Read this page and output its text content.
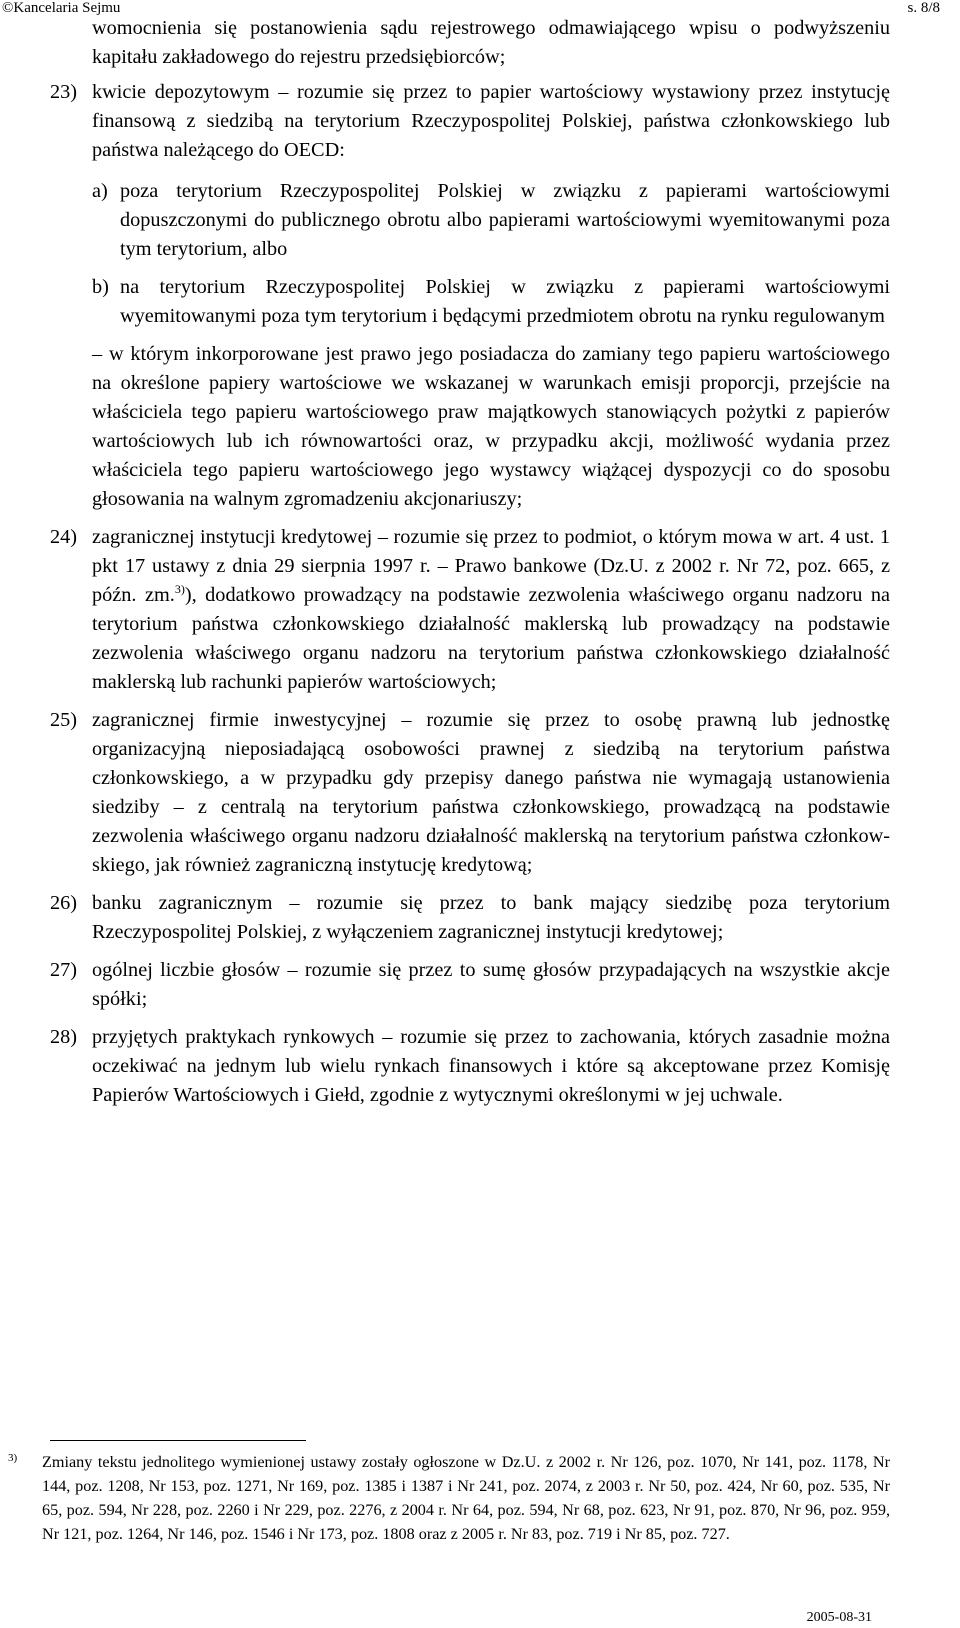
©Kancelaria Sejmu	s. 8/8

womocnienia się postanowienia sądu rejestrowego odmawiającego wpisu o podwyższeniu kapitału zakładowego do rejestru przedsiębiorców;

23) kwicie depozytowym – rozumie się przez to papier wartościowy wystawiony przez instytucję finansową z siedzibą na terytorium Rzeczypospolitej Polskiej, państwa członkowskiego lub państwa należącego do OECD:
a) poza terytorium Rzeczypospolitej Polskiej w związku z papierami wartościowymi dopuszczonymi do publicznego obrotu albo papierami wartościowymi wyemitowanymi poza tym terytorium, albo
b) na terytorium Rzeczypospolitej Polskiej w związku z papierami wartościowymi wyemitowanymi poza tym terytorium i będącymi przedmiotem obrotu na rynku regulowanym

– w którym inkorporowane jest prawo jego posiadacza do zamiany tego papieru wartościowego na określone papiery wartościowe we wskazanej w warunkach emisji proporcji, przejście na właściciela tego papieru wartościowego praw majątkowych stanowiących pożytki z papierów wartościowych lub ich równowartości oraz, w przypadku akcji, możliwość wydania przez właściciela tego papieru wartościowego jego wystawcy wiążącej dyspozycji co do sposobu głosowania na walnym zgromadzeniu akcjonariuszy;

24) zagranicznej instytucji kredytowej – rozumie się przez to podmiot, o którym mowa w art. 4 ust. 1 pkt 17 ustawy z dnia 29 sierpnia 1997 r. – Prawo bankowe (Dz.U. z 2002 r. Nr 72, poz. 665, z późn. zm.$^{3)}$), dodatkowo prowadzący na podstawie zezwolenia właściwego organu nadzoru na terytorium państwa członkowskiego działalność maklerską lub prowadzący na podstawie zezwolenia właściwego organu nadzoru na terytorium państwa członkowskiego działalność maklerską lub rachunki papierów wartościowych;
25) zagranicznej firmie inwestycyjnej – rozumie się przez to osobę prawną lub jednostkę organizacyjną nieposiadającą osobowości prawnej z siedzibą na terytorium państwa członkowskiego, a w przypadku gdy przepisy danego państwa nie wymagają ustanowienia siedziby – z centralą na terytorium państwa członkowskiego, prowadzącą na podstawie zezwolenia właściwego organu nadzoru działalność maklerską na terytorium państwa członkowskiego, jak również zagraniczną instytucję kredytową;
26) banku zagranicznym – rozumie się przez to bank mający siedzibę poza terytorium Rzeczypospolitej Polskiej, z wyłączeniem zagranicznej instytucji kredytowej;
27) ogólnej liczbie głosów – rozumie się przez to sumę głosów przypadających na wszystkie akcje spółki;
28) przyjętych praktykach rynkowych – rozumie się przez to zachowania, których zasadnie można oczekiwać na jednym lub wielu rynkach finansowych i które są akceptowane przez Komisję Papierów Wartościowych i Giełd, zgodnie z wytycznymi określonymi w jej uchwale.
3)	Zmiany tekstu jednolitego wymienionej ustawy zostały ogłoszone w Dz.U. z 2002 r. Nr 126, poz. 1070, Nr 141, poz. 1178, Nr 144, poz. 1208, Nr 153, poz. 1271, Nr 169, poz. 1385 i 1387 i Nr 241, poz. 2074, z 2003 r. Nr 50, poz. 424, Nr 60, poz. 535, Nr 65, poz. 594, Nr 228, poz. 2260 i Nr 229, poz. 2276, z 2004 r. Nr 64, poz. 594, Nr 68, poz. 623, Nr 91, poz. 870, Nr 96, poz. 959, Nr 121, poz. 1264, Nr 146, poz. 1546 i Nr 173, poz. 1808 oraz z 2005 r. Nr 83, poz. 719 i Nr 85, poz. 727.
2005-08-31
